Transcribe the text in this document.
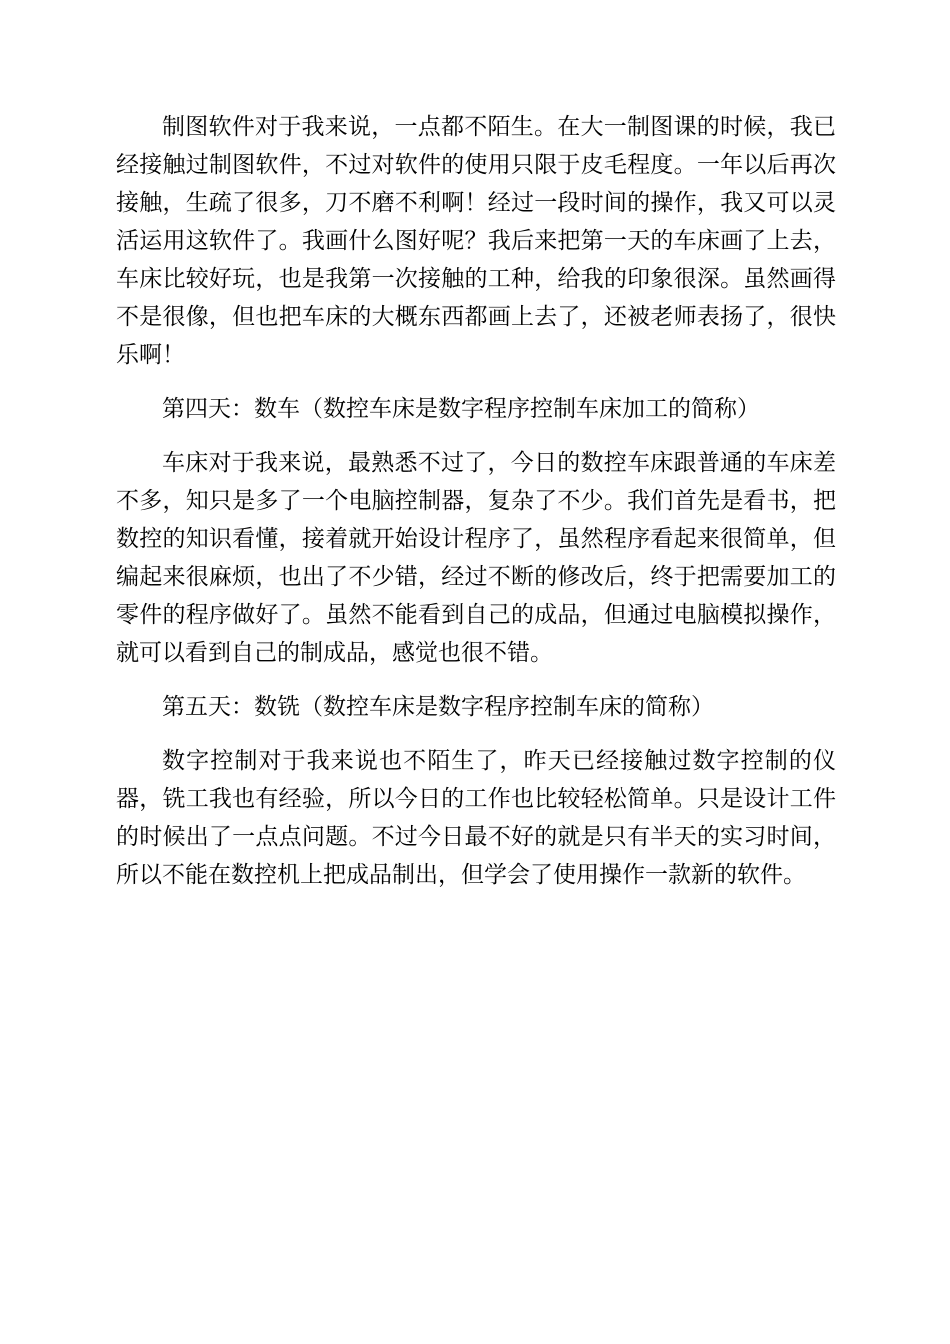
制图软件对于我来说，一点都不陌生。在大一制图课的时候，我已经接触过制图软件，不过对软件的使用只限于皮毛程度。一年以后再次接触，生疏了很多，刀不磨不利啊！经过一段时间的操作，我又可以灵活运用这软件了。我画什么图好呢？我后来把第一天的车床画了上去，车床比较好玩，也是我第一次接触的工种，给我的印象很深。虽然画得不是很像，但也把车床的大概东西都画上去了，还被老师表扬了，很快乐啊！

第四天：数车（数控车床是数字程序控制车床加工的简称）

车床对于我来说，最熟悉不过了，今日的数控车床跟普通的车床差不多，知只是多了一个电脑控制器，复杂了不少。我们首先是看书，把数控的知识看懂，接着就开始设计程序了，虽然程序看起来很简单，但编起来很麻烦，也出了不少错，经过不断的修改后，终于把需要加工的零件的程序做好了。虽然不能看到自己的成品，但通过电脑模拟操作，就可以看到自己的制成品，感觉也很不错。

第五天：数铣（数控车床是数字程序控制车床的简称）

数字控制对于我来说也不陌生了，昨天已经接触过数字控制的仪器，铣工我也有经验，所以今日的工作也比较轻松简单。只是设计工件的时候出了一点点问题。不过今日最不好的就是只有半天的实习时间，所以不能在数控机上把成品制出，但学会了使用操作一款新的软件。
